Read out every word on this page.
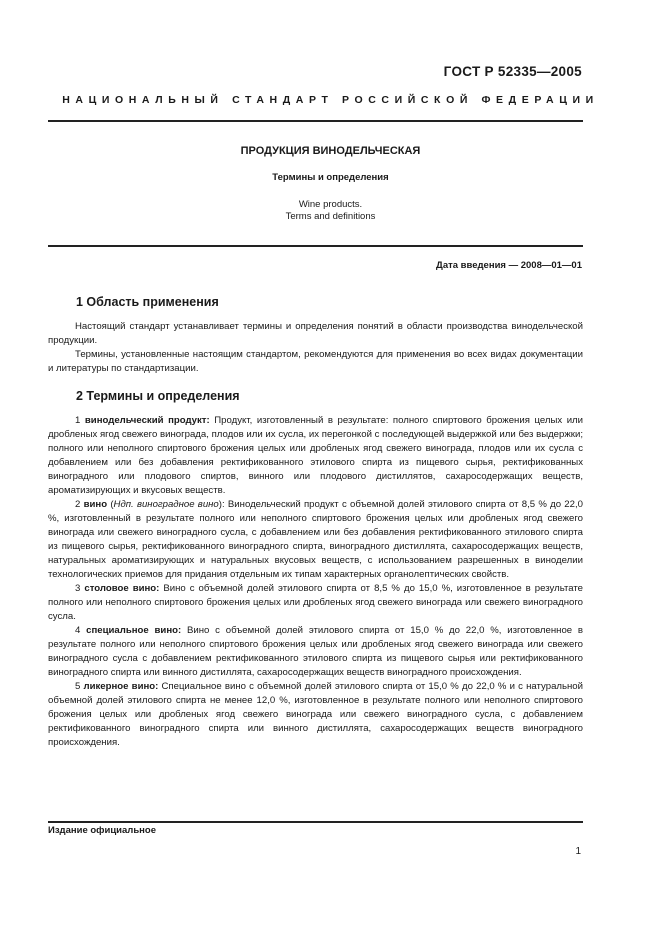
ГОСТ Р 52335—2005
НАЦИОНАЛЬНЫЙ СТАНДАРТ РОССИЙСКОЙ ФЕДЕРАЦИИ
ПРОДУКЦИЯ ВИНОДЕЛЬЧЕСКАЯ
Термины и определения
Wine products.
Terms and definitions
Дата введения — 2008—01—01
1 Область применения

Настоящий стандарт устанавливает термины и определения понятий в области производства винодельческой продукции.

Термины, установленные настоящим стандартом, рекомендуются для применения во всех видах документации и литературы по стандартизации.

2 Термины и определения

1 винодельческий продукт: Продукт, изготовленный в результате: полного спиртового брожения целых или дробленых ягод свежего винограда, плодов или их сусла, их перегонкой с последующей выдержкой или без выдержки; полного или неполного спиртового брожения целых или дробленых ягод свежего винограда, плодов или их сусла с добавлением или без добавления ректификованного этилового спирта из пищевого сырья, ректификованных виноградного или плодового спиртов, винного или плодового дистиллятов, сахаросодержащих веществ, ароматизирующих и вкусовых веществ.

2 вино (Ндп. виноградное вино): Винодельческий продукт с объемной долей этилового спирта от 8,5 % до 22,0 %, изготовленный в результате полного или неполного спиртового брожения целых или дробленых ягод свежего винограда или свежего виноградного сусла, с добавлением или без добавления ректификованного этилового спирта из пищевого сырья, ректификованного виноградного спирта, виноградного дистиллята, сахаросодержащих веществ, натуральных ароматизирующих и натуральных вкусовых веществ, с использованием разрешенных в виноделии технологических приемов для придания отдельным их типам характерных органолептических свойств.

3 столовое вино: Вино с объемной долей этилового спирта от 8,5 % до 15,0 %, изготовленное в результате полного или неполного спиртового брожения целых или дробленых ягод свежего винограда или свежего виноградного сусла.

4 специальное вино: Вино с объемной долей этилового спирта от 15,0 % до 22,0 %, изготовленное в результате полного или неполного спиртового брожения целых или дробленых ягод свежего винограда или свежего виноградного сусла с добавлением ректификованного этилового спирта из пищевого сырья или ректификованного виноградного спирта или винного дистиллята, сахаросодержащих веществ виноградного происхождения.

5 ликерное вино: Специальное вино с объемной долей этилового спирта от 15,0 % до 22,0 % и с натуральной объемной долей этилового спирта не менее 12,0 %, изготовленное в результате полного или неполного спиртового брожения целых или дробленых ягод свежего винограда или свежего виноградного сусла, с добавлением ректификованного виноградного спирта или винного дистиллята, сахаросодержащих веществ виноградного происхождения.

Издание официальное
1
